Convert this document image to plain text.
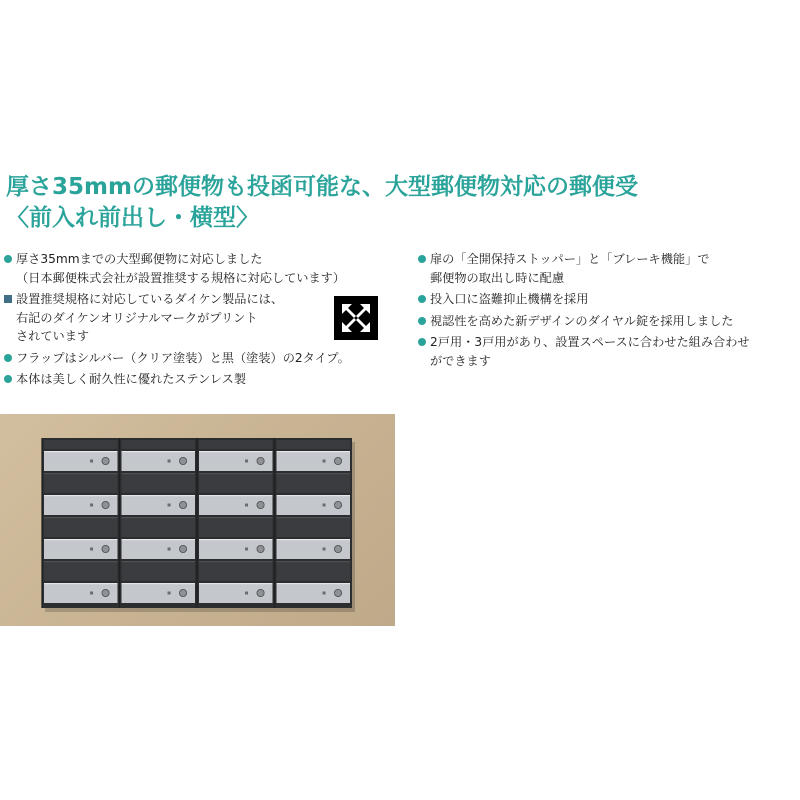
厚さ35mmの郵便物も投函可能な、大型郵便物対応の郵便受
〈前入れ前出し・横型〉
厚さ35mmまでの大型郵便物に対応しました
（日本郵便株式会社が設置推奨する規格に対応しています）
設置推奨規格に対応しているダイケン製品には、
右記のダイケンオリジナルマークがプリント
されています
フラップはシルバー（クリア塗装）と黒（塗装）の2タイプ。
本体は美しく耐久性に優れたステンレス製
扉の「全開保持ストッパー」と「ブレーキ機能」で
郵便物の取出し時に配慮
投入口に盗難抑止機構を採用
視認性を高めた新デザインのダイヤル錠を採用しました
2戸用・3戸用があり、設置スペースに合わせた組み合わせ
ができます
